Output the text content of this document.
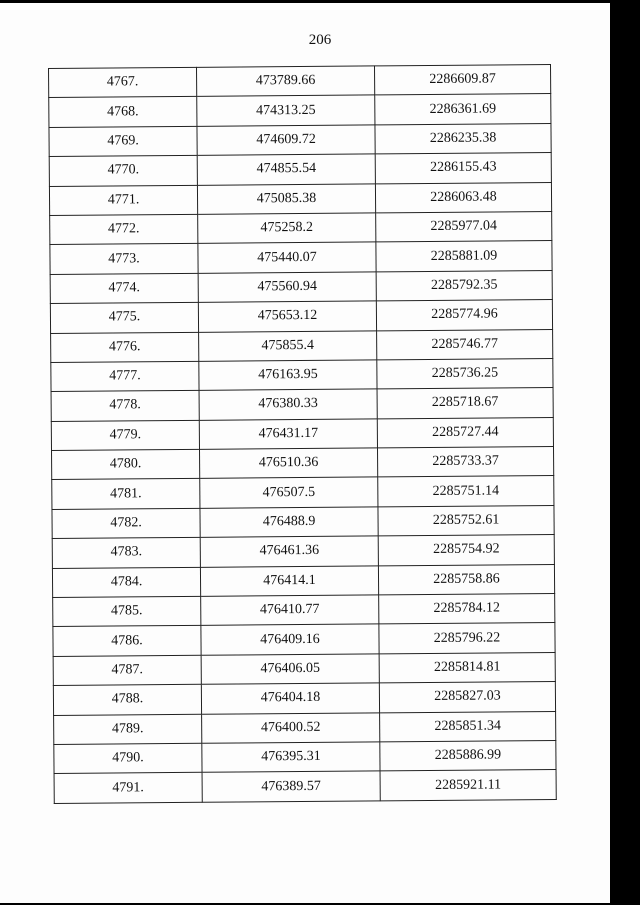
206
4767.	473789.66	2286609.87
4768.	474313.25	2286361.69
4769.	474609.72	2286235.38
4770.	474855.54	2286155.43
4771.	475085.38	2286063.48
4772.	475258.2	2285977.04
4773.	475440.07	2285881.09
4774.	475560.94	2285792.35
4775.	475653.12	2285774.96
4776.	475855.4	2285746.77
4777.	476163.95	2285736.25
4778.	476380.33	2285718.67
4779.	476431.17	2285727.44
4780.	476510.36	2285733.37
4781.	476507.5	2285751.14
4782.	476488.9	2285752.61
4783.	476461.36	2285754.92
4784.	476414.1	2285758.86
4785.	476410.77	2285784.12
4786.	476409.16	2285796.22
4787.	476406.05	2285814.81
4788.	476404.18	2285827.03
4789.	476400.52	2285851.34
4790.	476395.31	2285886.99
4791.	476389.57	2285921.11
